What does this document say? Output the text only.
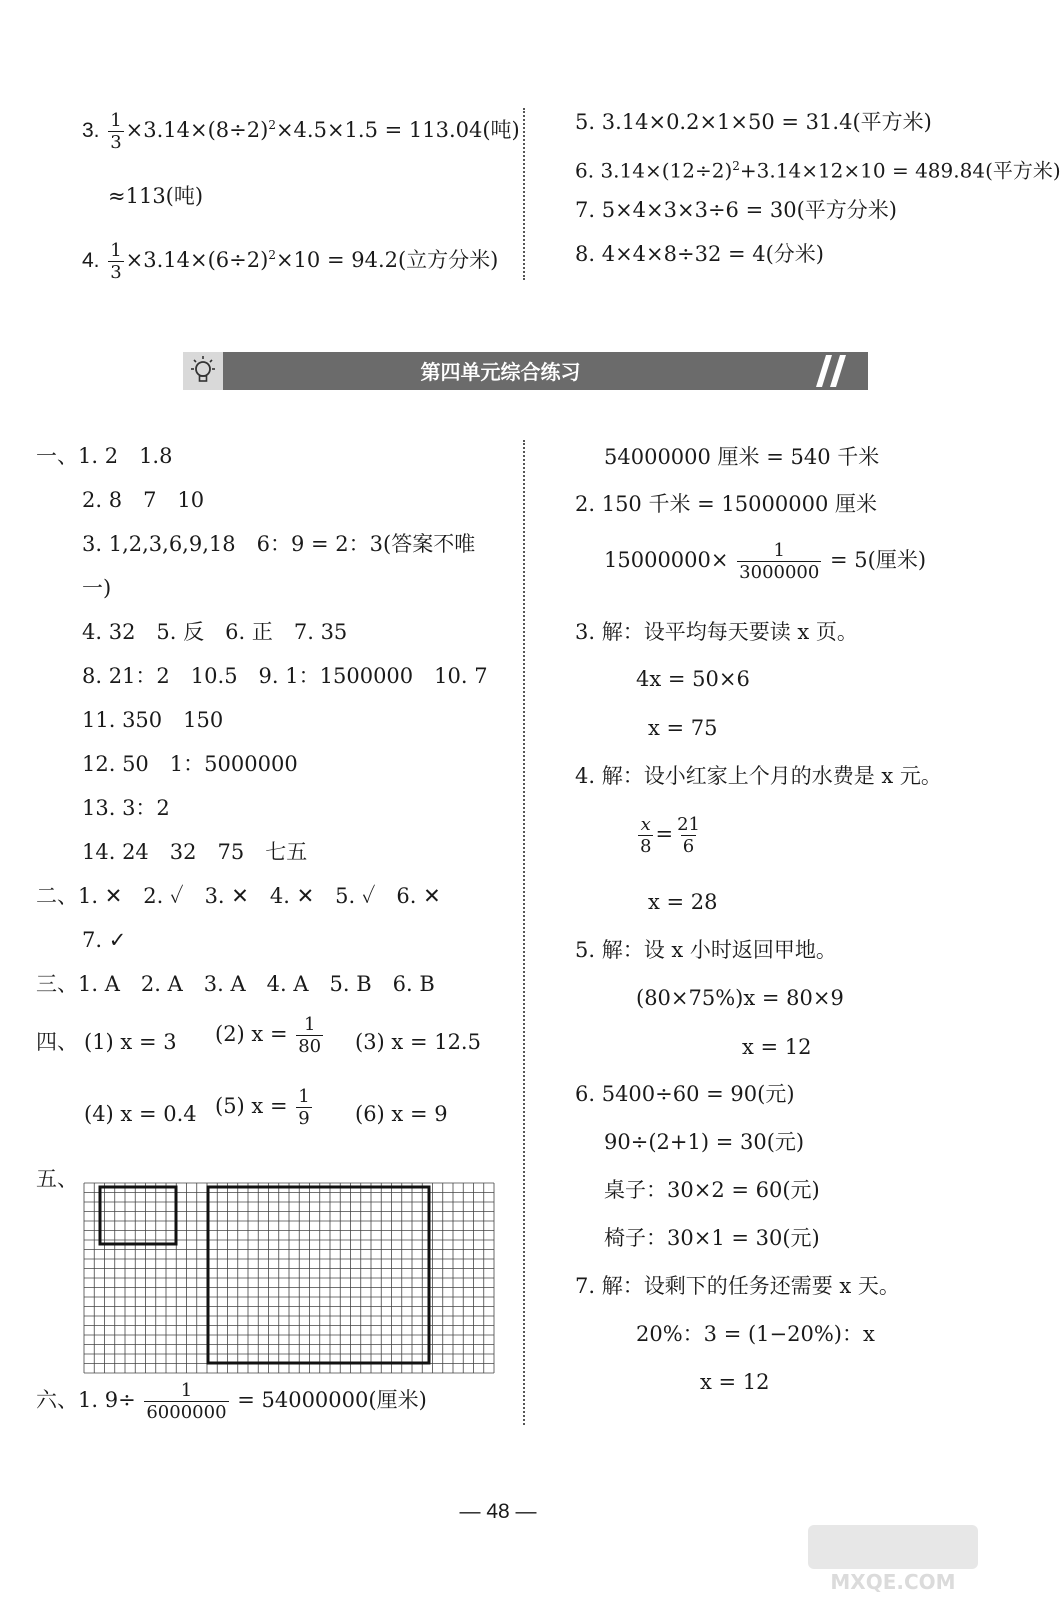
3. $\frac{1}{3} \times 3.14\times(8\div 2)^2\times 4.5\times 1.5 = 113.04$(吨)
≈113(吨)
4. $\frac{1}{3} \times 3.14\times(6\div 2)^2\times 10 = 94.2$(立方分米)
5. 3.14×0.2×1×50 = 31.4(平方米)
6. $3.14\times(12\div 2)^2+3.14\times 12\times 10 = 489.84$(平方米)
7. 5×4×3×3÷6 = 30(平方分米)
8. 4×4×8÷32 = 4(分米)
第四单元综合练习
一、1. 2　1.8
2. 8　7　10
3. 1,2,3,6,9,18　6：9 = 2：3(答案不唯
一)
4. 32　5. 反　6. 正　7. 35
8. 21：2　10.5　9. 1：1500000　10. 7
11. 350　150
12. 50　1：5000000
13. 3：2
14. 24　32　75　七五
二、1. ✕　2. ✓　3. ✕　4. ✕　5. ✓　6. ✕
7. ✓
三、1. A　2. A　3. A　4. A　5. B　6. B
四、 (1) x = 3 (2) $x = \frac{1}{80} (3) x = 12.5$
(4) x = 0.4 (5) $x = \frac{1}{9} (6) x = 9$
五、
六、1. $9\div \frac{1}{6000000} = 54000000$(厘米)
54000000 厘米 = 540 千米
2. 150 千米 = 15000000 厘米
$15000000\times \frac{1}{3000000} = 5$(厘米)
3. 解：设平均每天要读 x 页。
4x = 50×6
x = 75
4. 解：设小红家上个月的水费是 x 元。
$\frac{x}{8} = \frac{21}{6}$
x = 28
5. 解：设 x 小时返回甲地。
(80×75%)x = 80×9
x = 12
6. 5400÷60 = 90(元)
90÷(2+1) = 30(元)
桌子：30×2 = 60(元)
椅子：30×1 = 30(元)
7. 解：设剩下的任务还需要 x 天。
20%：3 = (1−20%)：x
x = 12
— 48 —
MXQE.COM
